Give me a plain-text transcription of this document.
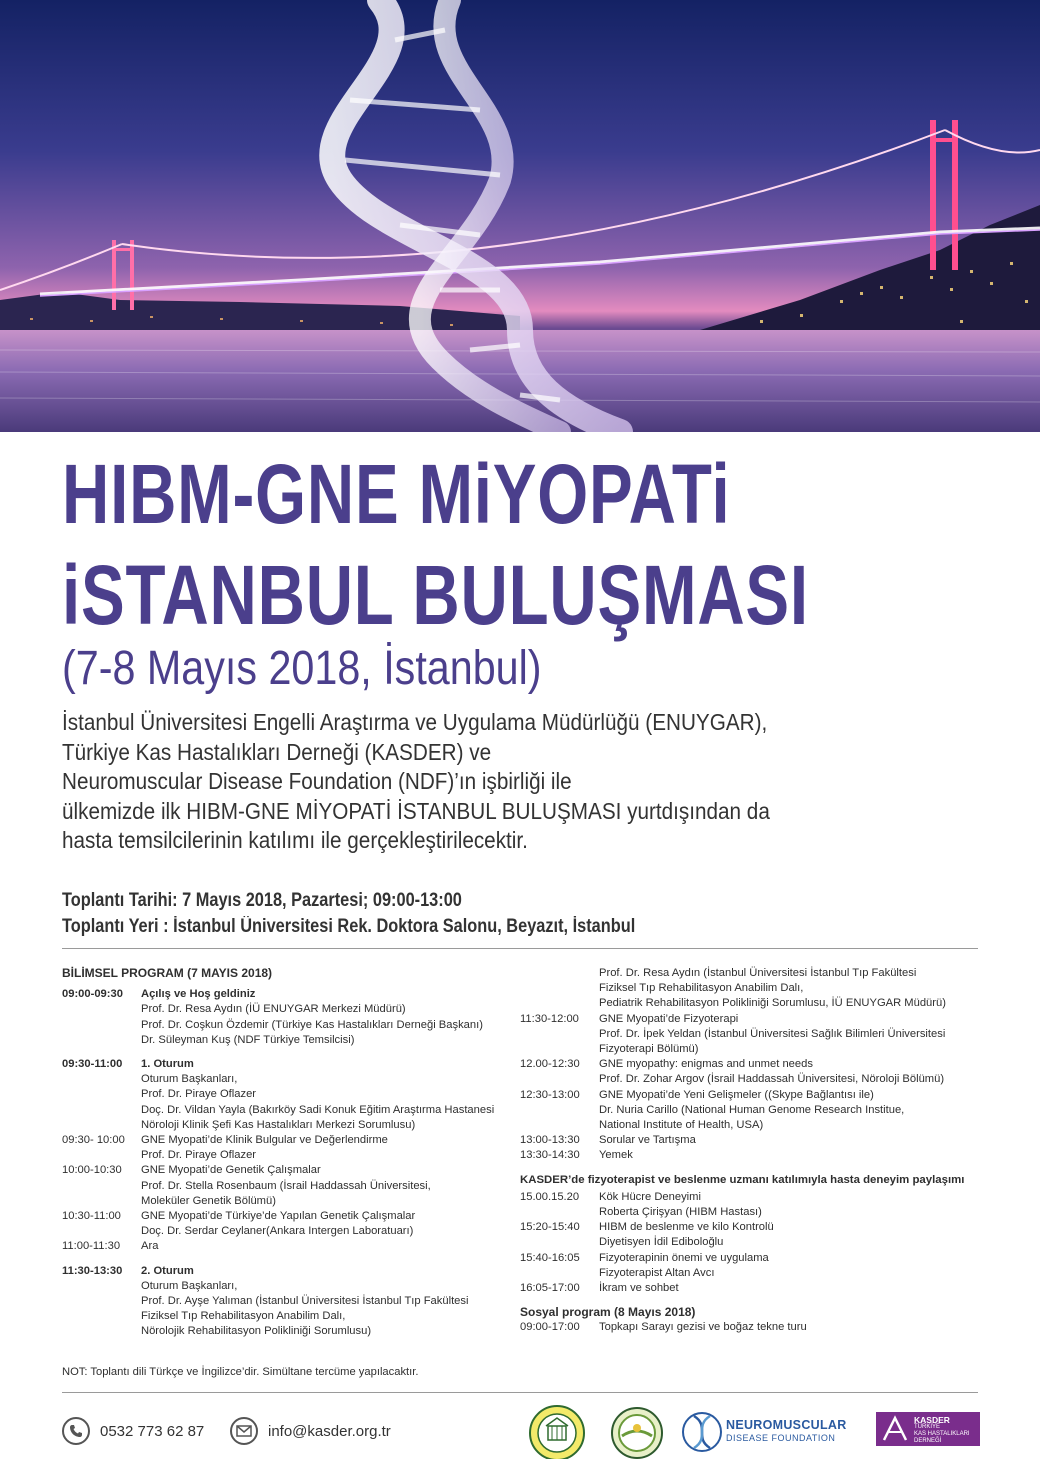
HIBM-GNE MiYOPATi
iSTANBUL BULUŞMASI
(7-8 Mayıs 2018, İstanbul)
İstanbul Üniversitesi Engelli Araştırma ve Uygulama Müdürlüğü (ENUYGAR),
Türkiye Kas Hastalıkları Derneği (KASDER) ve
Neuromuscular Disease Foundation (NDF)’ın işbirliği ile
ülkemizde ilk HIBM-GNE MİYOPATİ İSTANBUL BULUŞMASI yurtdışından da
hasta temsilcilerinin katılımı ile gerçekleştirilecektir.
Toplantı Tarihi: 7 Mayıs 2018, Pazartesi; 09:00-13:00
Toplantı Yeri : İstanbul Üniversitesi Rek. Doktora Salonu, Beyazıt, İstanbul
BİLİMSEL PROGRAM (7 MAYIS 2018)
09:00-09:30	Açılış ve Hoş geldiniz
Prof. Dr. Resa Aydın (İÜ ENUYGAR Merkezi Müdürü)
Prof. Dr. Coşkun Özdemir (Türkiye Kas Hastalıkları Derneği Başkanı)
Dr. Süleyman Kuş (NDF Türkiye Temsilcisi)
09:30-11:00	1. Oturum
Oturum Başkanları,
Prof. Dr. Piraye Oflazer
Doç. Dr. Vildan Yayla (Bakırköy Sadi Konuk Eğitim Araştırma Hastanesi
Nöroloji Klinik Şefi Kas Hastalıkları Merkezi Sorumlusu)
09:30- 10:00	GNE Myopati’de Klinik Bulgular ve Değerlendirme
Prof. Dr. Piraye Oflazer
10:00-10:30	GNE Myopati’de Genetik Çalışmalar
Prof. Dr. Stella Rosenbaum (İsrail Haddassah Üniversitesi,
Moleküler Genetik Bölümü)
10:30-11:00	GNE Myopati’de Türkiye’de Yapılan Genetik Çalışmalar
Doç. Dr. Serdar Ceylaner(Ankara Intergen Laboratuarı)
11:00-11:30	Ara
11:30-13:30	2. Oturum
Oturum Başkanları,
Prof. Dr. Ayşe Yalıman (İstanbul Üniversitesi İstanbul Tıp Fakültesi
Fiziksel Tıp Rehabilitasyon Anabilim Dalı,
Nörolojik Rehabilitasyon Polikliniği Sorumlusu)
Prof. Dr. Resa Aydın (İstanbul Üniversitesi İstanbul Tıp Fakültesi
Fiziksel Tıp Rehabilitasyon Anabilim Dalı,
Pediatrik Rehabilitasyon Polikliniği Sorumlusu, İÜ ENUYGAR Müdürü)
11:30-12:00	GNE Myopati’de Fizyoterapi
Prof. Dr. İpek Yeldan (İstanbul Üniversitesi Sağlık Bilimleri Üniversitesi
Fizyoterapi Bölümü)
12.00-12:30	GNE myopathy: enigmas and unmet needs
Prof. Dr. Zohar Argov (İsrail Haddassah Üniversitesi, Nöroloji Bölümü)
12:30-13:00	GNE Myopati’de Yeni Gelişmeler ((Skype Bağlantısı ile)
Dr. Nuria Carillo (National Human Genome Research Institue,
National Institute of Health, USA)
13:00-13:30	Sorular ve Tartışma
13:30-14:30	Yemek
KASDER’de fizyoterapist ve beslenme uzmanı katılımıyla hasta deneyim paylaşımı
15.00.15.20	Kök Hücre Deneyimi
Roberta Çirişyan (HIBM Hastası)
15:20-15:40	HIBM de beslenme ve kilo Kontrolü
Diyetisyen İdil Ediboloğlu
15:40-16:05	Fizyoterapinin önemi ve uygulama
Fizyoterapist Altan Avcı
16:05-17:00	İkram ve sohbet
Sosyal program (8 Mayıs 2018)
09:00-17:00	Topkapı Sarayı gezisi ve boğaz tekne turu
NOT: Toplantı dili Türkçe ve İngilizce’dir. Simültane tercüme yapılacaktır.
0532 773 62 87	info@kasder.org.tr	NEUROMUSCULAR
DISEASE FOUNDATION
KASDER
TÜRKİYE
KAS HASTALIKLARI
DERNEĞİ
